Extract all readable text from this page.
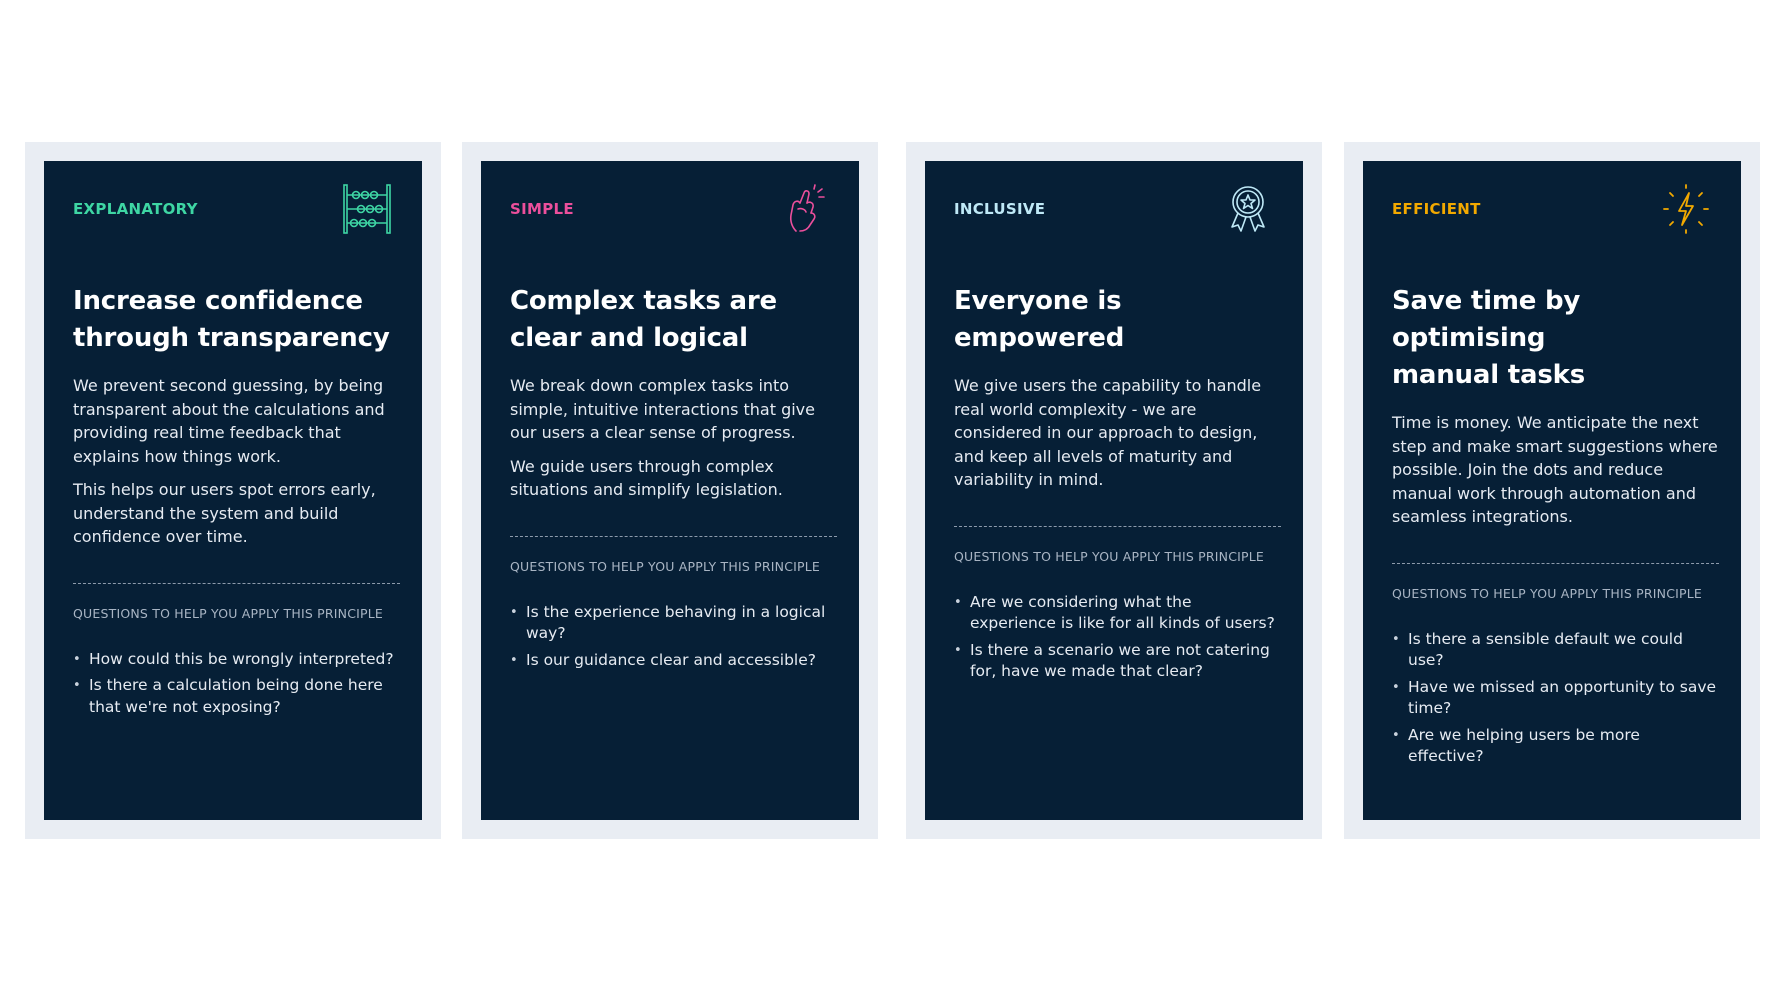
EXPLANATORY
Increase confidence
through transparency

We prevent second guessing, by being transparent about the calculations and providing real time feedback that explains how things work.

This helps our users spot errors early, understand the system and build confidence over time.

QUESTIONS TO HELP YOU APPLY THIS PRINCIPLE
• How could this be wrongly interpreted?
• Is there a calculation being done here that we're not exposing?
SIMPLE
Complex tasks are
clear and logical

We break down complex tasks into simple, intuitive interactions that give our users a clear sense of progress.

We guide users through complex situations and simplify legislation.

QUESTIONS TO HELP YOU APPLY THIS PRINCIPLE
• Is the experience behaving in a logical way?
• Is our guidance clear and accessible?
INCLUSIVE
Everyone is empowered

We give users the capability to handle real world complexity - we are considered in our approach to design, and keep all levels of maturity and variability in mind.

QUESTIONS TO HELP YOU APPLY THIS PRINCIPLE
• Are we considering what the experience is like for all kinds of users?
• Is there a scenario we are not catering for, have we made that clear?
EFFICIENT
Save time by optimising
manual tasks

Time is money. We anticipate the next step and make smart suggestions where possible. Join the dots and reduce manual work through automation and seamless integrations.

QUESTIONS TO HELP YOU APPLY THIS PRINCIPLE
• Is there a sensible default we could use?
• Have we missed an opportunity to save time?
• Are we helping users be more effective?
